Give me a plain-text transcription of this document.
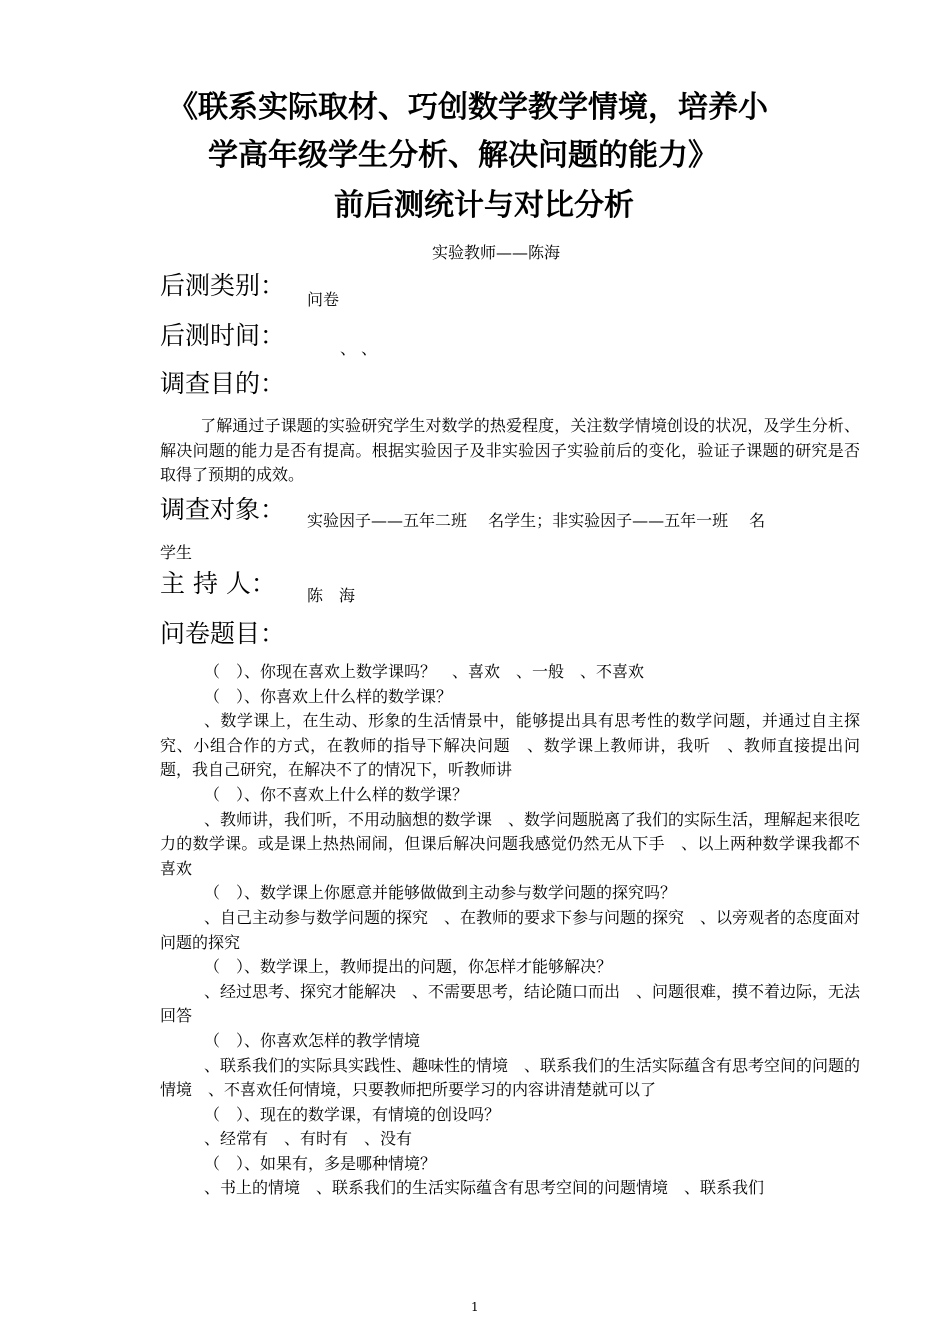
《联系实际取材、巧创数学教学情境，培养小
学高年级学生分析、解决问题的能力》
前后测统计与对比分析
实验教师——陈海
后测类别： 问卷
后测时间：	、 、
调查目的：
了解通过子课题的实验研究学生对数学的热爱程度，关注数学情境创设的状况，及学生分析、解决问题的能力是否有提高。根据实验因子及非实验因子实验前后的变化，验证子课题的研究是否取得了预期的成效。
调查对象： 实验因子——五年二班　 名学生；非实验因子——五年一班　 名
学生
主 持 人： 陈　海
问卷题目：
（　）、你现在喜欢上数学课吗？　、喜欢　、一般　、不喜欢
（　）、你喜欢上什么样的数学课？
、数学课上，在生动、形象的生活情景中，能够提出具有思考性的数学问题，并通过自主探究、小组合作的方式，在教师的指导下解决问题　、数学课上教师讲，我听　、教师直接提出问题，我自己研究，在解决不了的情况下，听教师讲
（　）、你不喜欢上什么样的数学课？
、教师讲，我们听，不用动脑想的数学课　、数学问题脱离了我们的实际生活，理解起来很吃力的数学课。或是课上热热闹闹，但课后解决问题我感觉仍然无从下手　、以上两种数学课我都不喜欢
（　）、数学课上你愿意并能够做做到主动参与数学问题的探究吗？
、自己主动参与数学问题的探究　、在教师的要求下参与问题的探究　、以旁观者的态度面对问题的探究
（　）、数学课上，教师提出的问题，你怎样才能够解决？
、经过思考、探究才能解决　、不需要思考，结论随口而出　、问题很难，摸不着边际，无法回答
（　）、你喜欢怎样的教学情境
、联系我们的实际具实践性、趣味性的情境　、联系我们的生活实际蕴含有思考空间的问题的情境　、不喜欢任何情境，只要教师把所要学习的内容讲清楚就可以了
（　）、现在的数学课，有情境的创设吗？
、经常有　、有时有　、没有
（　）、如果有，多是哪种情境？
、书上的情境　、联系我们的生活实际蕴含有思考空间的问题情境　、联系我们
1
